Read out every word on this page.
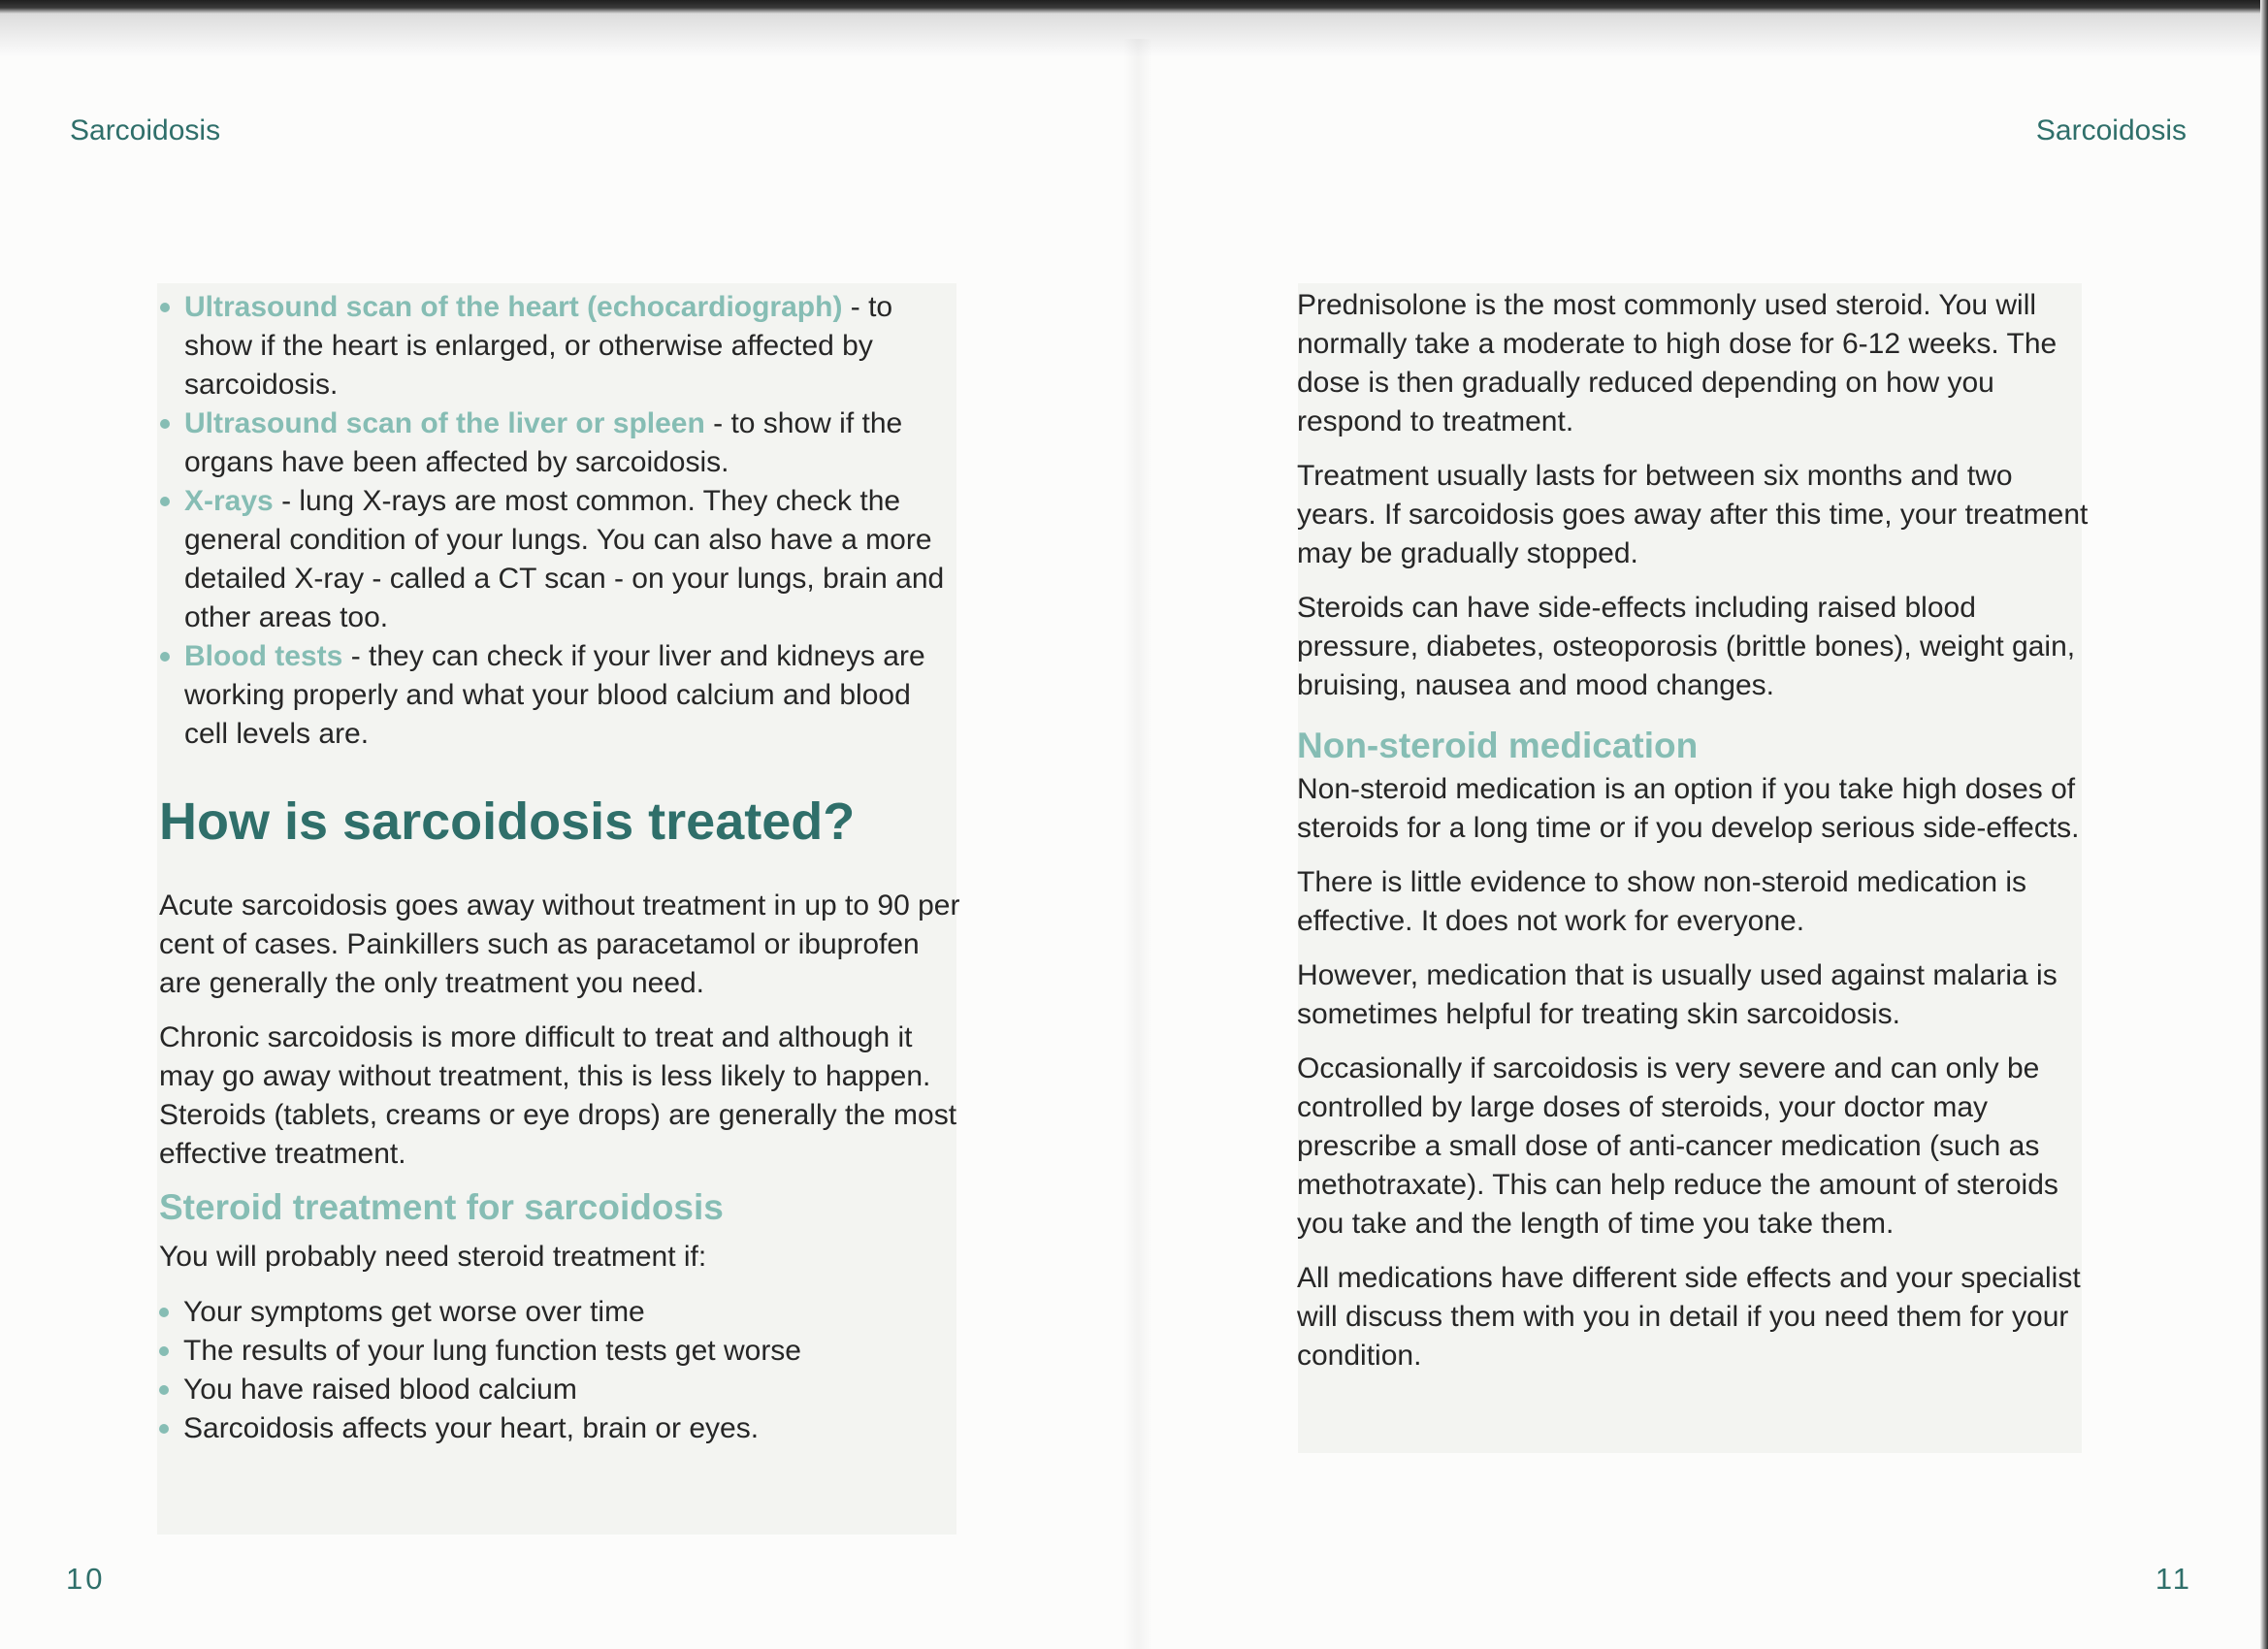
Sarcoidosis

Ultrasound scan of the heart (echocardiograph) - to show if the heart is enlarged, or otherwise affected by sarcoidosis.
Ultrasound scan of the liver or spleen - to show if the organs have been affected by sarcoidosis.
X-rays - lung X-rays are most common. They check the general condition of your lungs. You can also have a more detailed X-ray - called a CT scan - on your lungs, brain and other areas too.
Blood tests - they can check if your liver and kidneys are working properly and what your blood calcium and blood cell levels are.
How is sarcoidosis treated?

Acute sarcoidosis goes away without treatment in up to 90 per cent of cases. Painkillers such as paracetamol or ibuprofen are generally the only treatment you need.

Chronic sarcoidosis is more difficult to treat and although it may go away without treatment, this is less likely to happen. Steroids (tablets, creams or eye drops) are generally the most effective treatment.

Steroid treatment for sarcoidosis

You will probably need steroid treatment if:

Your symptoms get worse over time
The results of your lung function tests get worse
You have raised blood calcium
Sarcoidosis affects your heart, brain or eyes.

10

Sarcoidosis

Prednisolone is the most commonly used steroid. You will normally take a moderate to high dose for 6-12 weeks. The dose is then gradually reduced depending on how you respond to treatment.

Treatment usually lasts for between six months and two years. If sarcoidosis goes away after this time, your treatment may be gradually stopped.

Steroids can have side-effects including raised blood pressure, diabetes, osteoporosis (brittle bones), weight gain, bruising, nausea and mood changes.

Non-steroid medication

Non-steroid medication is an option if you take high doses of steroids for a long time or if you develop serious side-effects.

There is little evidence to show non-steroid medication is effective. It does not work for everyone.

However, medication that is usually used against malaria is sometimes helpful for treating skin sarcoidosis.

Occasionally if sarcoidosis is very severe and can only be controlled by large doses of steroids, your doctor may prescribe a small dose of anti-cancer medication (such as methotraxate). This can help reduce the amount of steroids you take and the length of time you take them.

All medications have different side effects and your specialist will discuss them with you in detail if you need them for your condition.

11
